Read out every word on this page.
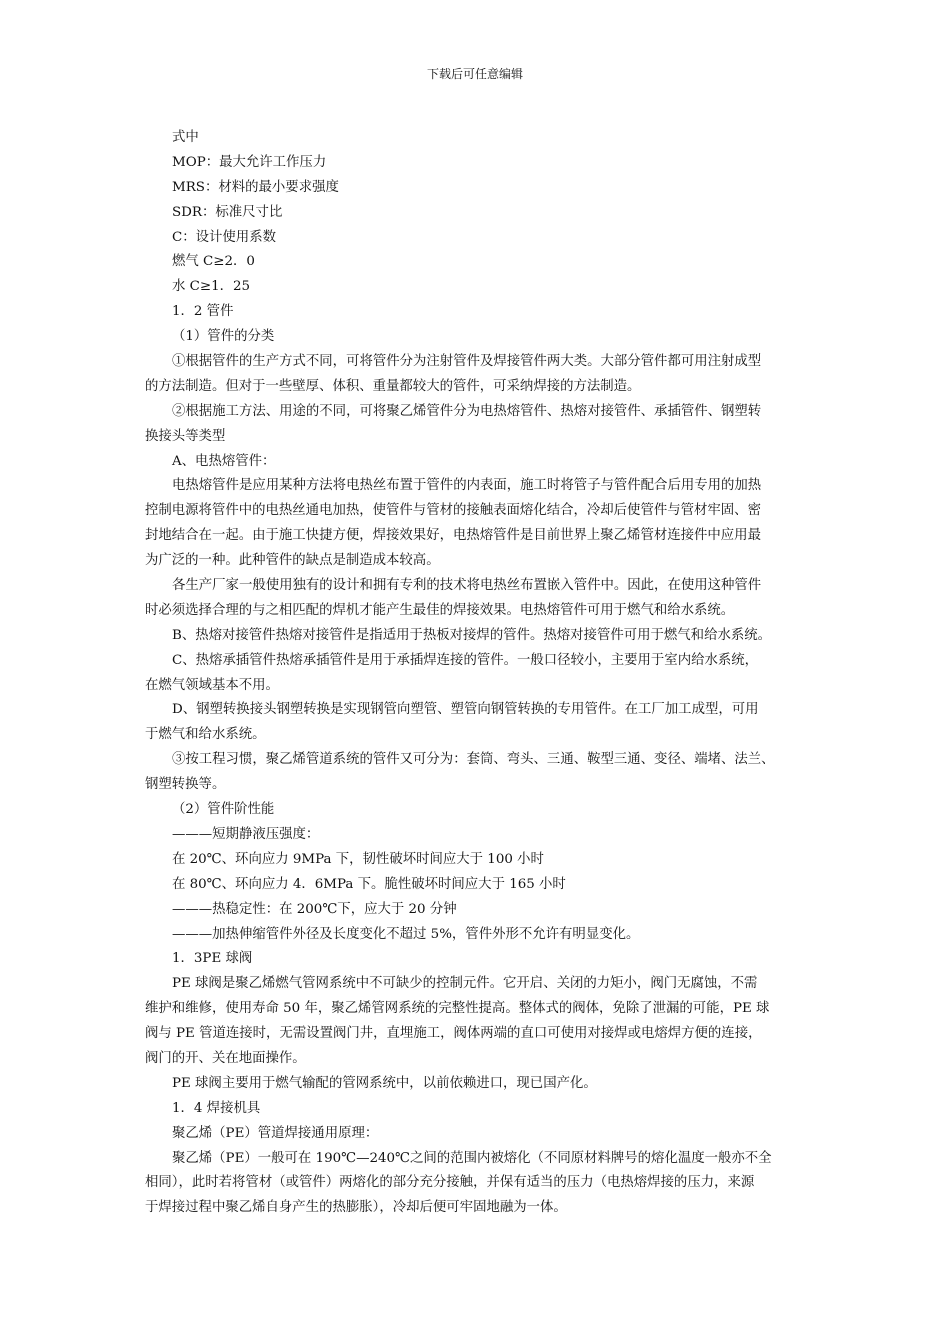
下载后可任意编辑
式中
MOP：最大允许工作压力
MRS：材料的最小要求强度
SDR：标准尺寸比
C：设计使用系数
燃气 C≥2．0
水 C≥1．25
1．2 管件
（1）管件的分类
①根据管件的生产方式不同，可将管件分为注射管件及焊接管件两大类。大部分管件都可用注射成型
的方法制造。但对于一些壁厚、体积、重量都较大的管件，可采纳焊接的方法制造。
②根据施工方法、用途的不同，可将聚乙烯管件分为电热熔管件、热熔对接管件、承插管件、钢塑转
换接头等类型
A、电热熔管件：
电热熔管件是应用某种方法将电热丝布置于管件的内表面，施工时将管子与管件配合后用专用的加热
控制电源将管件中的电热丝通电加热，使管件与管材的接触表面熔化结合，冷却后使管件与管材牢固、密
封地结合在一起。由于施工快捷方便，焊接效果好，电热熔管件是目前世界上聚乙烯管材连接件中应用最
为广泛的一种。此种管件的缺点是制造成本较高。
各生产厂家一般使用独有的设计和拥有专利的技术将电热丝布置嵌入管件中。因此，在使用这种管件
时必须选择合理的与之相匹配的焊机才能产生最佳的焊接效果。电热熔管件可用于燃气和给水系统。
B、热熔对接管件热熔对接管件是指适用于热板对接焊的管件。热熔对接管件可用于燃气和给水系统。
C、热熔承插管件热熔承插管件是用于承插焊连接的管件。一般口径较小，主要用于室内给水系统，
在燃气领域基本不用。
D、钢塑转换接头钢塑转换是实现钢管向塑管、塑管向钢管转换的专用管件。在工厂加工成型，可用
于燃气和给水系统。
③按工程习惯，聚乙烯管道系统的管件又可分为：套筒、弯头、三通、鞍型三通、变径、端堵、法兰、
钢塑转换等。
（2）管件阶性能
———短期静液压强度：
在 20℃、环向应力 9MPa 下，韧性破坏时间应大于 100 小时
在 80℃、环向应力 4．6MPa 下。脆性破坏时间应大于 165 小时
———热稳定性：在 200℃下，应大于 20 分钟
———加热伸缩管件外径及长度变化不超过 5%，管件外形不允许有明显变化。
1．3PE 球阀
PE 球阀是聚乙烯燃气管网系统中不可缺少的控制元件。它开启、关闭的力矩小，阀门无腐蚀，不需
维护和维修，使用寿命 50 年，聚乙烯管网系统的完整性提高。整体式的阀体，免除了泄漏的可能，PE 球
阀与 PE 管道连接时，无需设置阀门井，直埋施工，阀体两端的直口可使用对接焊或电熔焊方便的连接，
阀门的开、关在地面操作。
PE 球阀主要用于燃气输配的管网系统中，以前依赖进口，现已国产化。
1．4 焊接机具
聚乙烯（PE）管道焊接通用原理：
聚乙烯（PE）一般可在 190℃—240℃之间的范围内被熔化（不同原材料牌号的熔化温度一般亦不全
相同），此时若将管材（或管件）两熔化的部分充分接触，并保有适当的压力（电热熔焊接的压力，来源
于焊接过程中聚乙烯自身产生的热膨胀），冷却后便可牢固地融为一体。
